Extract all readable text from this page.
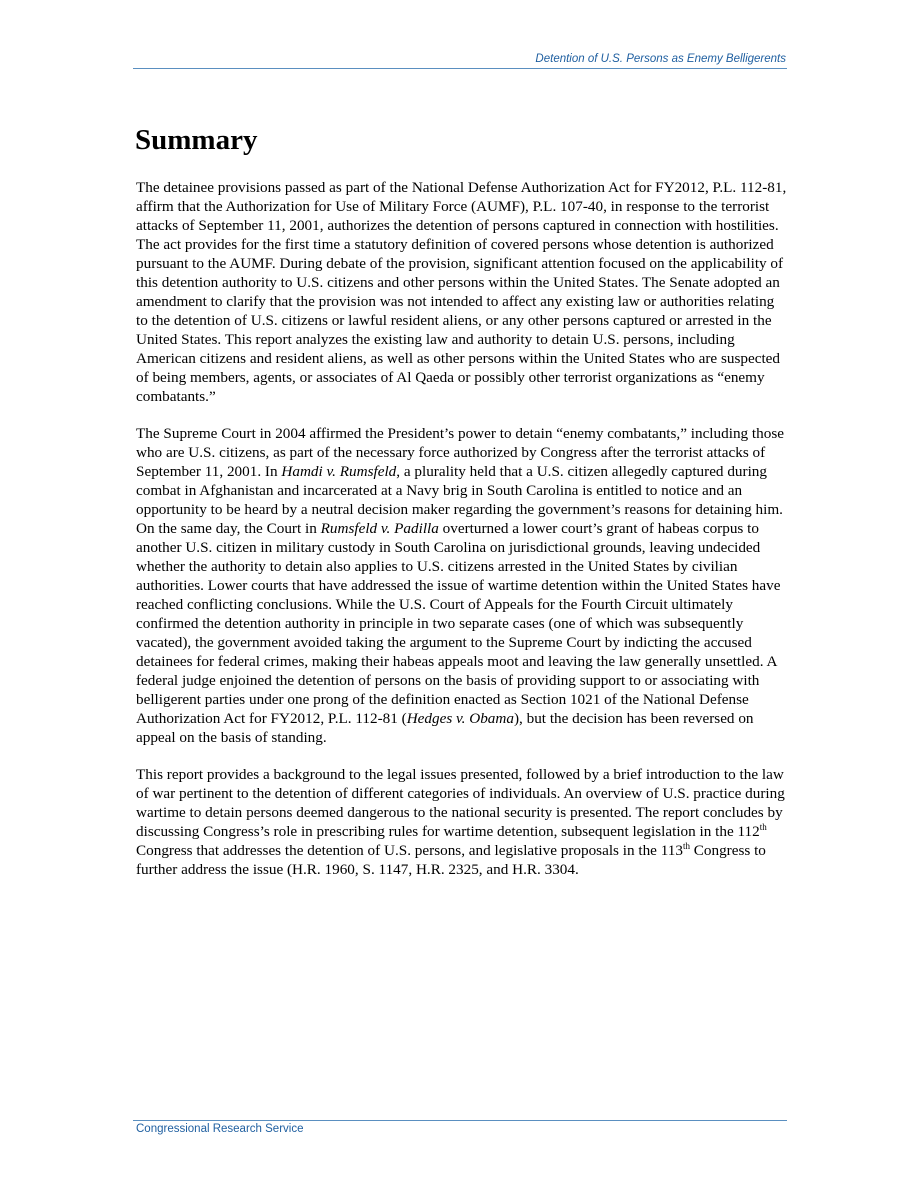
Detention of U.S. Persons as Enemy Belligerents
Summary

The detainee provisions passed as part of the National Defense Authorization Act for FY2012, P.L. 112-81, affirm that the Authorization for Use of Military Force (AUMF), P.L. 107-40, in response to the terrorist attacks of September 11, 2001, authorizes the detention of persons captured in connection with hostilities. The act provides for the first time a statutory definition of covered persons whose detention is authorized pursuant to the AUMF. During debate of the provision, significant attention focused on the applicability of this detention authority to U.S. citizens and other persons within the United States. The Senate adopted an amendment to clarify that the provision was not intended to affect any existing law or authorities relating to the detention of U.S. citizens or lawful resident aliens, or any other persons captured or arrested in the United States. This report analyzes the existing law and authority to detain U.S. persons, including American citizens and resident aliens, as well as other persons within the United States who are suspected of being members, agents, or associates of Al Qaeda or possibly other terrorist organizations as “enemy combatants.”

The Supreme Court in 2004 affirmed the President’s power to detain “enemy combatants,” including those who are U.S. citizens, as part of the necessary force authorized by Congress after the terrorist attacks of September 11, 2001. In Hamdi v. Rumsfeld, a plurality held that a U.S. citizen allegedly captured during combat in Afghanistan and incarcerated at a Navy brig in South Carolina is entitled to notice and an opportunity to be heard by a neutral decision maker regarding the government’s reasons for detaining him. On the same day, the Court in Rumsfeld v. Padilla overturned a lower court’s grant of habeas corpus to another U.S. citizen in military custody in South Carolina on jurisdictional grounds, leaving undecided whether the authority to detain also applies to U.S. citizens arrested in the United States by civilian authorities. Lower courts that have addressed the issue of wartime detention within the United States have reached conflicting conclusions. While the U.S. Court of Appeals for the Fourth Circuit ultimately confirmed the detention authority in principle in two separate cases (one of which was subsequently vacated), the government avoided taking the argument to the Supreme Court by indicting the accused detainees for federal crimes, making their habeas appeals moot and leaving the law generally unsettled. A federal judge enjoined the detention of persons on the basis of providing support to or associating with belligerent parties under one prong of the definition enacted as Section 1021 of the National Defense Authorization Act for FY2012, P.L. 112-81 (Hedges v. Obama), but the decision has been reversed on appeal on the basis of standing.

This report provides a background to the legal issues presented, followed by a brief introduction to the law of war pertinent to the detention of different categories of individuals. An overview of U.S. practice during wartime to detain persons deemed dangerous to the national security is presented. The report concludes by discussing Congress’s role in prescribing rules for wartime detention, subsequent legislation in the 112th Congress that addresses the detention of U.S. persons, and legislative proposals in the 113th Congress to further address the issue (H.R. 1960, S. 1147, H.R. 2325, and H.R. 3304.

Congressional Research Service
